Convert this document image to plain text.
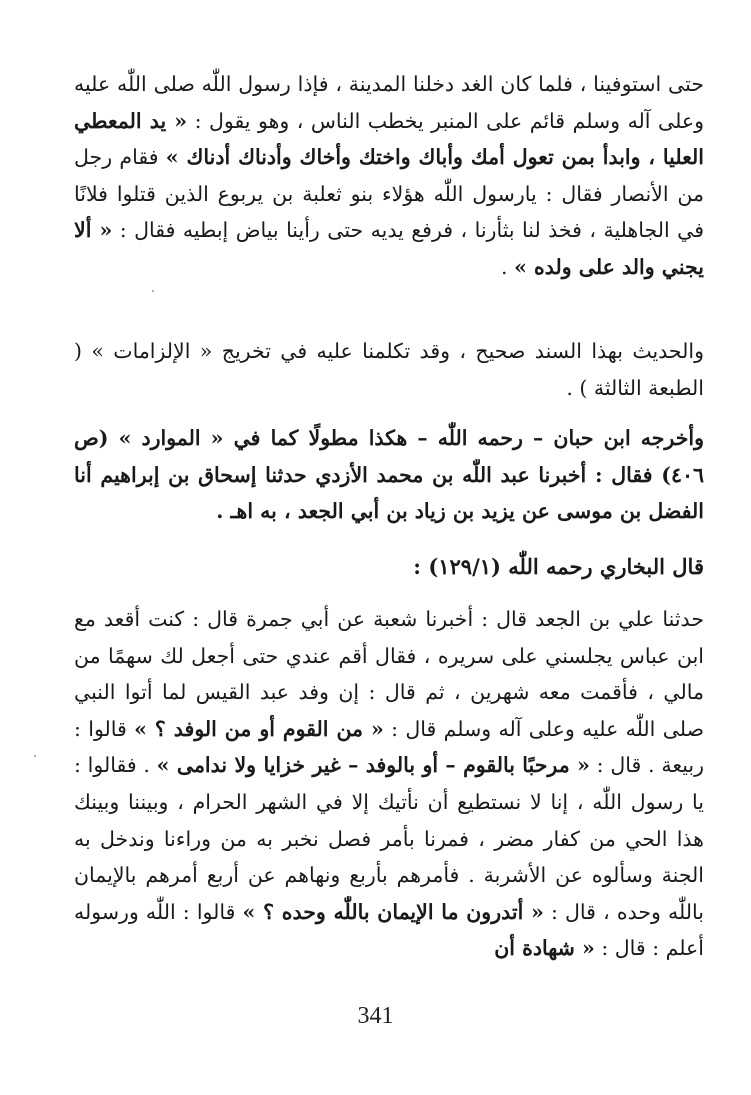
حتى استوفينا ، فلما كان الغد دخلنا المدينة ، فإذا رسول اللّٰه صلى اللّٰه عليه وعلى آله وسلم قائم على المنبر يخطب الناس ، وهو يقول : « يد المعطي العليا ، وابدأ بمن تعول أمك وأباك واختك وأخاك وأدناك أدناك » فقام رجل من الأنصار فقال : يارسول اللّٰه هؤلاء بنو ثعلبة بن يربوع الذين قتلوا فلانًا في الجاهلية ، فخذ لنا بثأرنا ، فرفع يديه حتى رأينا بياض إبطيه فقال : « ألا يجني والد على ولده » .

والحديث بهذا السند صحيح ، وقد تكلمنا عليه في تخريج « الإلزامات » ( الطبعة الثالثة ) .

وأخرجه ابن حبان – رحمه اللّٰه – هكذا مطولًا كما في « الموارد » (ص ٤٠٦) فقال : أخبرنا عبد اللّٰه بن محمد الأزدي حدثنا إسحاق بن إبراهيم أنا الفضل بن موسى عن يزيد بن زياد بن أبي الجعد ، به اهـ .

قال البخاري رحمه اللّٰه (١٢٩/١) :

حدثنا علي بن الجعد قال : أخبرنا شعبة عن أبي جمرة قال : كنت أقعد مع ابن عباس يجلسني على سريره ، فقال أقم عندي حتى أجعل لك سهمًا من مالي ، فأقمت معه شهرين ، ثم قال : إن وفد عبد القيس لما أتوا النبي صلى اللّٰه عليه وعلى آله وسلم قال : « من القوم أو من الوفد ؟ » قالوا : ربيعة . قال : « مرحبًا بالقوم – أو بالوفد – غير خزايا ولا ندامى » . فقالوا : يا رسول اللّٰه ، إنا لا نستطيع أن نأتيك إلا في الشهر الحرام ، وبيننا وبينك هذا الحي من كفار مضر ، فمرنا بأمر فصل نخبر به من وراءنا وندخل به الجنة وسألوه عن الأشربة . فأمرهم بأربع ونهاهم عن أربع أمرهم بالإيمان باللّٰه وحده ، قال : « أتدرون ما الإيمان باللّٰه وحده ؟ » قالوا : اللّٰه ورسوله أعلم : قال : « شهادة أن

341
